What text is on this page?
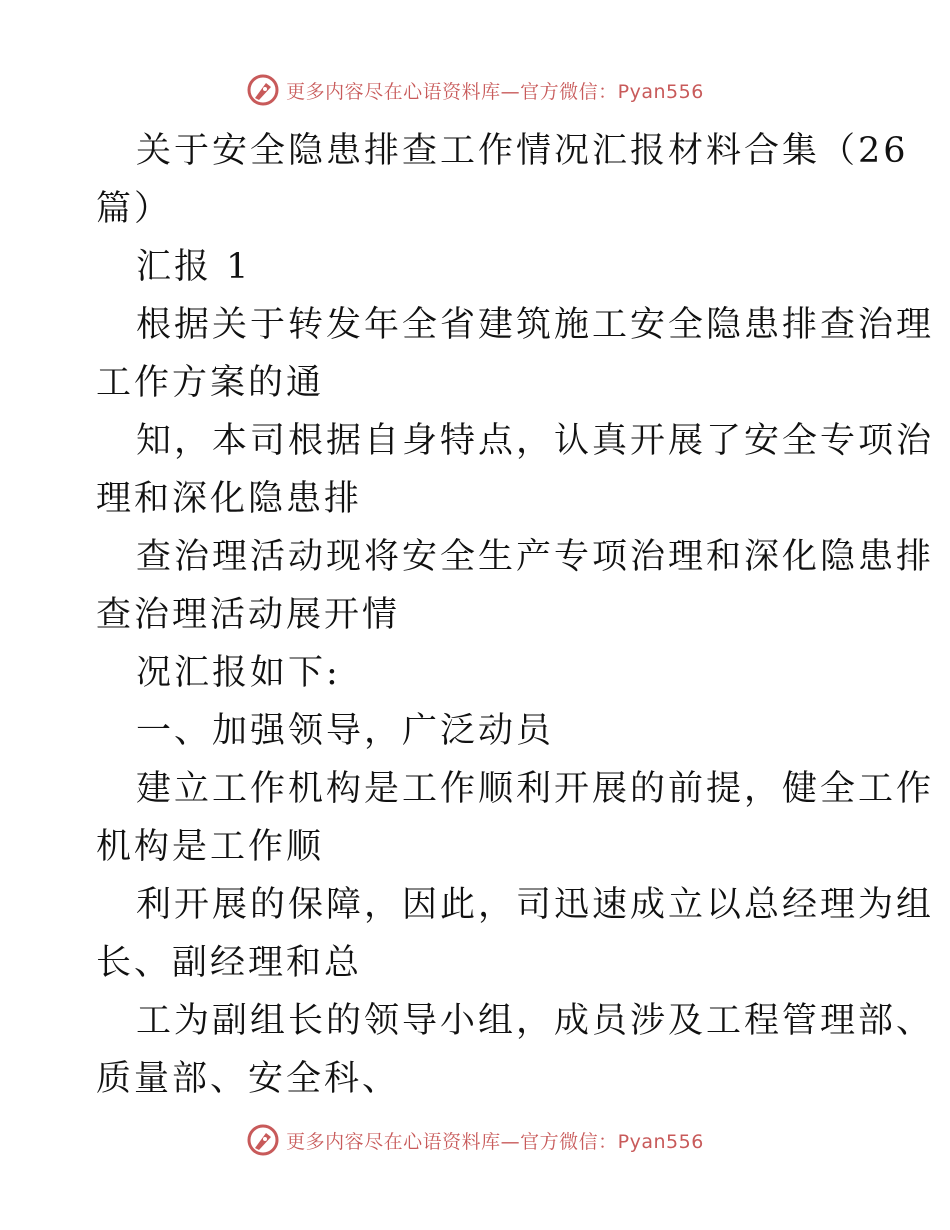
更多内容尽在心语资料库—官方微信：Pyan556
关于安全隐患排查工作情况汇报材料合集（26
篇）
汇报 1
根据关于转发年全省建筑施工安全隐患排查治理
工作方案的通
知，本司根据自身特点，认真开展了安全专项治
理和深化隐患排
查治理活动现将安全生产专项治理和深化隐患排
查治理活动展开情
况汇报如下:
一、加强领导，广泛动员
建立工作机构是工作顺利开展的前提，健全工作
机构是工作顺
利开展的保障，因此，司迅速成立以总经理为组
长、副经理和总
工为副组长的领导小组，成员涉及工程管理部、
质量部、安全科、
更多内容尽在心语资料库—官方微信：Pyan556
